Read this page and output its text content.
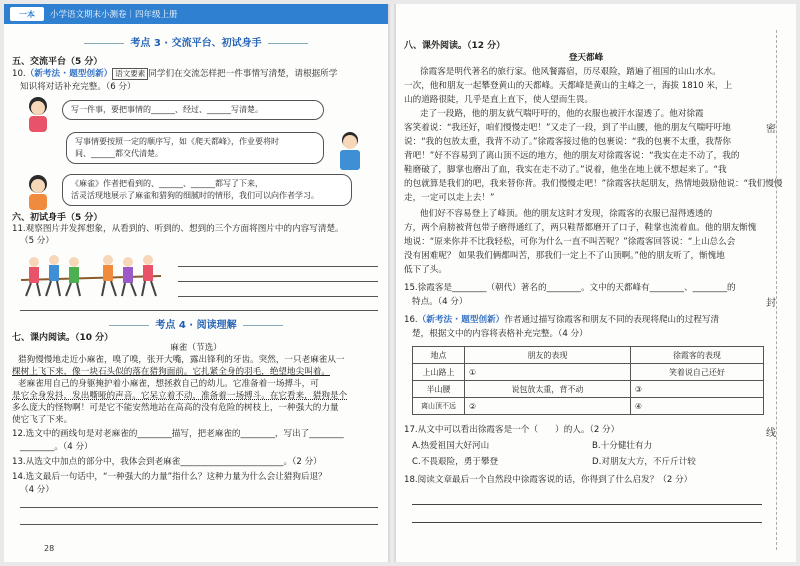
一本	小学语文期末小测卷｜四年级上册
考点 3 · 交流平台、初试身手
五、交流平台（5 分）
10.（新考法 · 题型创新） 语文要素 同学们在交流怎样把一件事情写清楚，请根据所学
知识将对话补充完整。（6 分）
写一件事，要把事情的______、经过、______写清楚。
写事情要按照一定的顺序写，如《爬天都峰》，作业要将时
间、______都交代清楚。
《麻雀》作者把看到的、______、______都写了下来，
活灵活现地展示了麻雀和猎狗的细腻时的情形，我们可以向作者学习。
六、初试身手（5 分）
11.观察图片并发挥想象，从看到的、听到的、想到的三个方面将图片中的内容写清楚。
（5 分）
考点 4 · 阅读理解
七、课内阅读。（10 分）
麻雀（节选）
猎狗慢慢地走近小麻雀，嗅了嗅，张开大嘴，露出锋利的牙齿。突然，一只老麻雀从一
棵树上飞下来，像一块石头似的落在猎狗面前。它扎紧全身的羽毛，绝望地尖叫着。
老麻雀用自己的身躯掩护着小麻雀，想拯救自己的幼儿。它准备着一场搏斗，可
是它全身发抖，发出嘶哑的声音。它呆立着不动，准备着一场搏斗。在它看来，猎狗是个
多么庞大的怪物啊！可是它不能安然地站在高高的没有危险的树枝上，一种强大的力量
使它飞了下来。
12.选文中的画线句是对老麻雀的________描写，把老麻雀的________，写出了________
________。（4 分）
13.从选文中加点的部分中，我体会到老麻雀________________________。（2 分）
14.选文最后一句话中，“一种强大的力量”指什么？这种力量为什么会让猎狗后退？
（4 分）
28
八、课外阅读。（12 分）
登天都峰
徐霞客是明代著名的旅行家。他风餐露宿，历尽艰险，踏遍了祖国的山山水水。
一次，他和朋友一起攀登黄山的天都峰。天都峰是黄山的主峰之一，海拔 1810 米，上
山的道路很陡，几乎是直上直下，使人望而生畏。
走了一段路，他的朋友就气喘吁吁的，他的衣服也被汗水湿透了。他对徐霞
客笑着说：“我还好，咱们慢慢走吧！”又走了一段，到了半山腰，他的朋友气喘吁吁地
说：“我的包放太重，我背不动了。”徐霞客接过他的包裹说：“我的包裹不太重，我帮你
背吧！”好不容易到了离山顶不远的地方，他的朋友对徐霞客说：“我实在走不动了，我的
鞋磨破了，脚掌也磨出了血，我实在走不动了。”说着，他坐在地上就不想起来了。“我
的包就算是我们的吧，我来替你背。我们慢慢走吧！”徐霞客扶起朋友，热情地鼓励他说：“我们慢慢
走，一定可以走上去！”
他们好不容易登上了峰顶。他的朋友这时才发现，徐霞客的衣服已湿得透透的
方，两个肩膀被背包带子磨得通红了，两只鞋帮都磨开了口子，鞋掌也流着血。他的朋友惭愧
地说：“原来你并不比我轻松，可你为什么一直不叫苦呢？”徐霞客回答说：“上山总么会
没有困难呢？ 如果我们俩都叫苦，那我们一定上不了山顶啊。”他的朋友听了，惭愧地
低下了头。
15.徐霞客是________（朝代）著名的________。文中的天都峰有________、________的
特点。（4 分）
16.（新考法 · 题型创新）作者通过描写徐霞客和朋友不同的表现将爬山的过程写清
楚，根据文中的内容将表格补充完整。（4 分）
地点	朋友的表现	徐霞客的表现
上山路上	①	笑着说自己还好
半山腰	说包放太重，背不动	③
离山顶不远	②	④
17.从文中可以看出徐霞客是一个（　　）的人。（2 分）
A.热爱祖国大好河山	B.十分健壮有力
C.不畏艰险，勇于攀登	D.对朋友大方，不斤斤计较
18.阅读文章最后一个自然段中徐霞客说的话，你得到了什么启发？（2 分）
密
封
线
